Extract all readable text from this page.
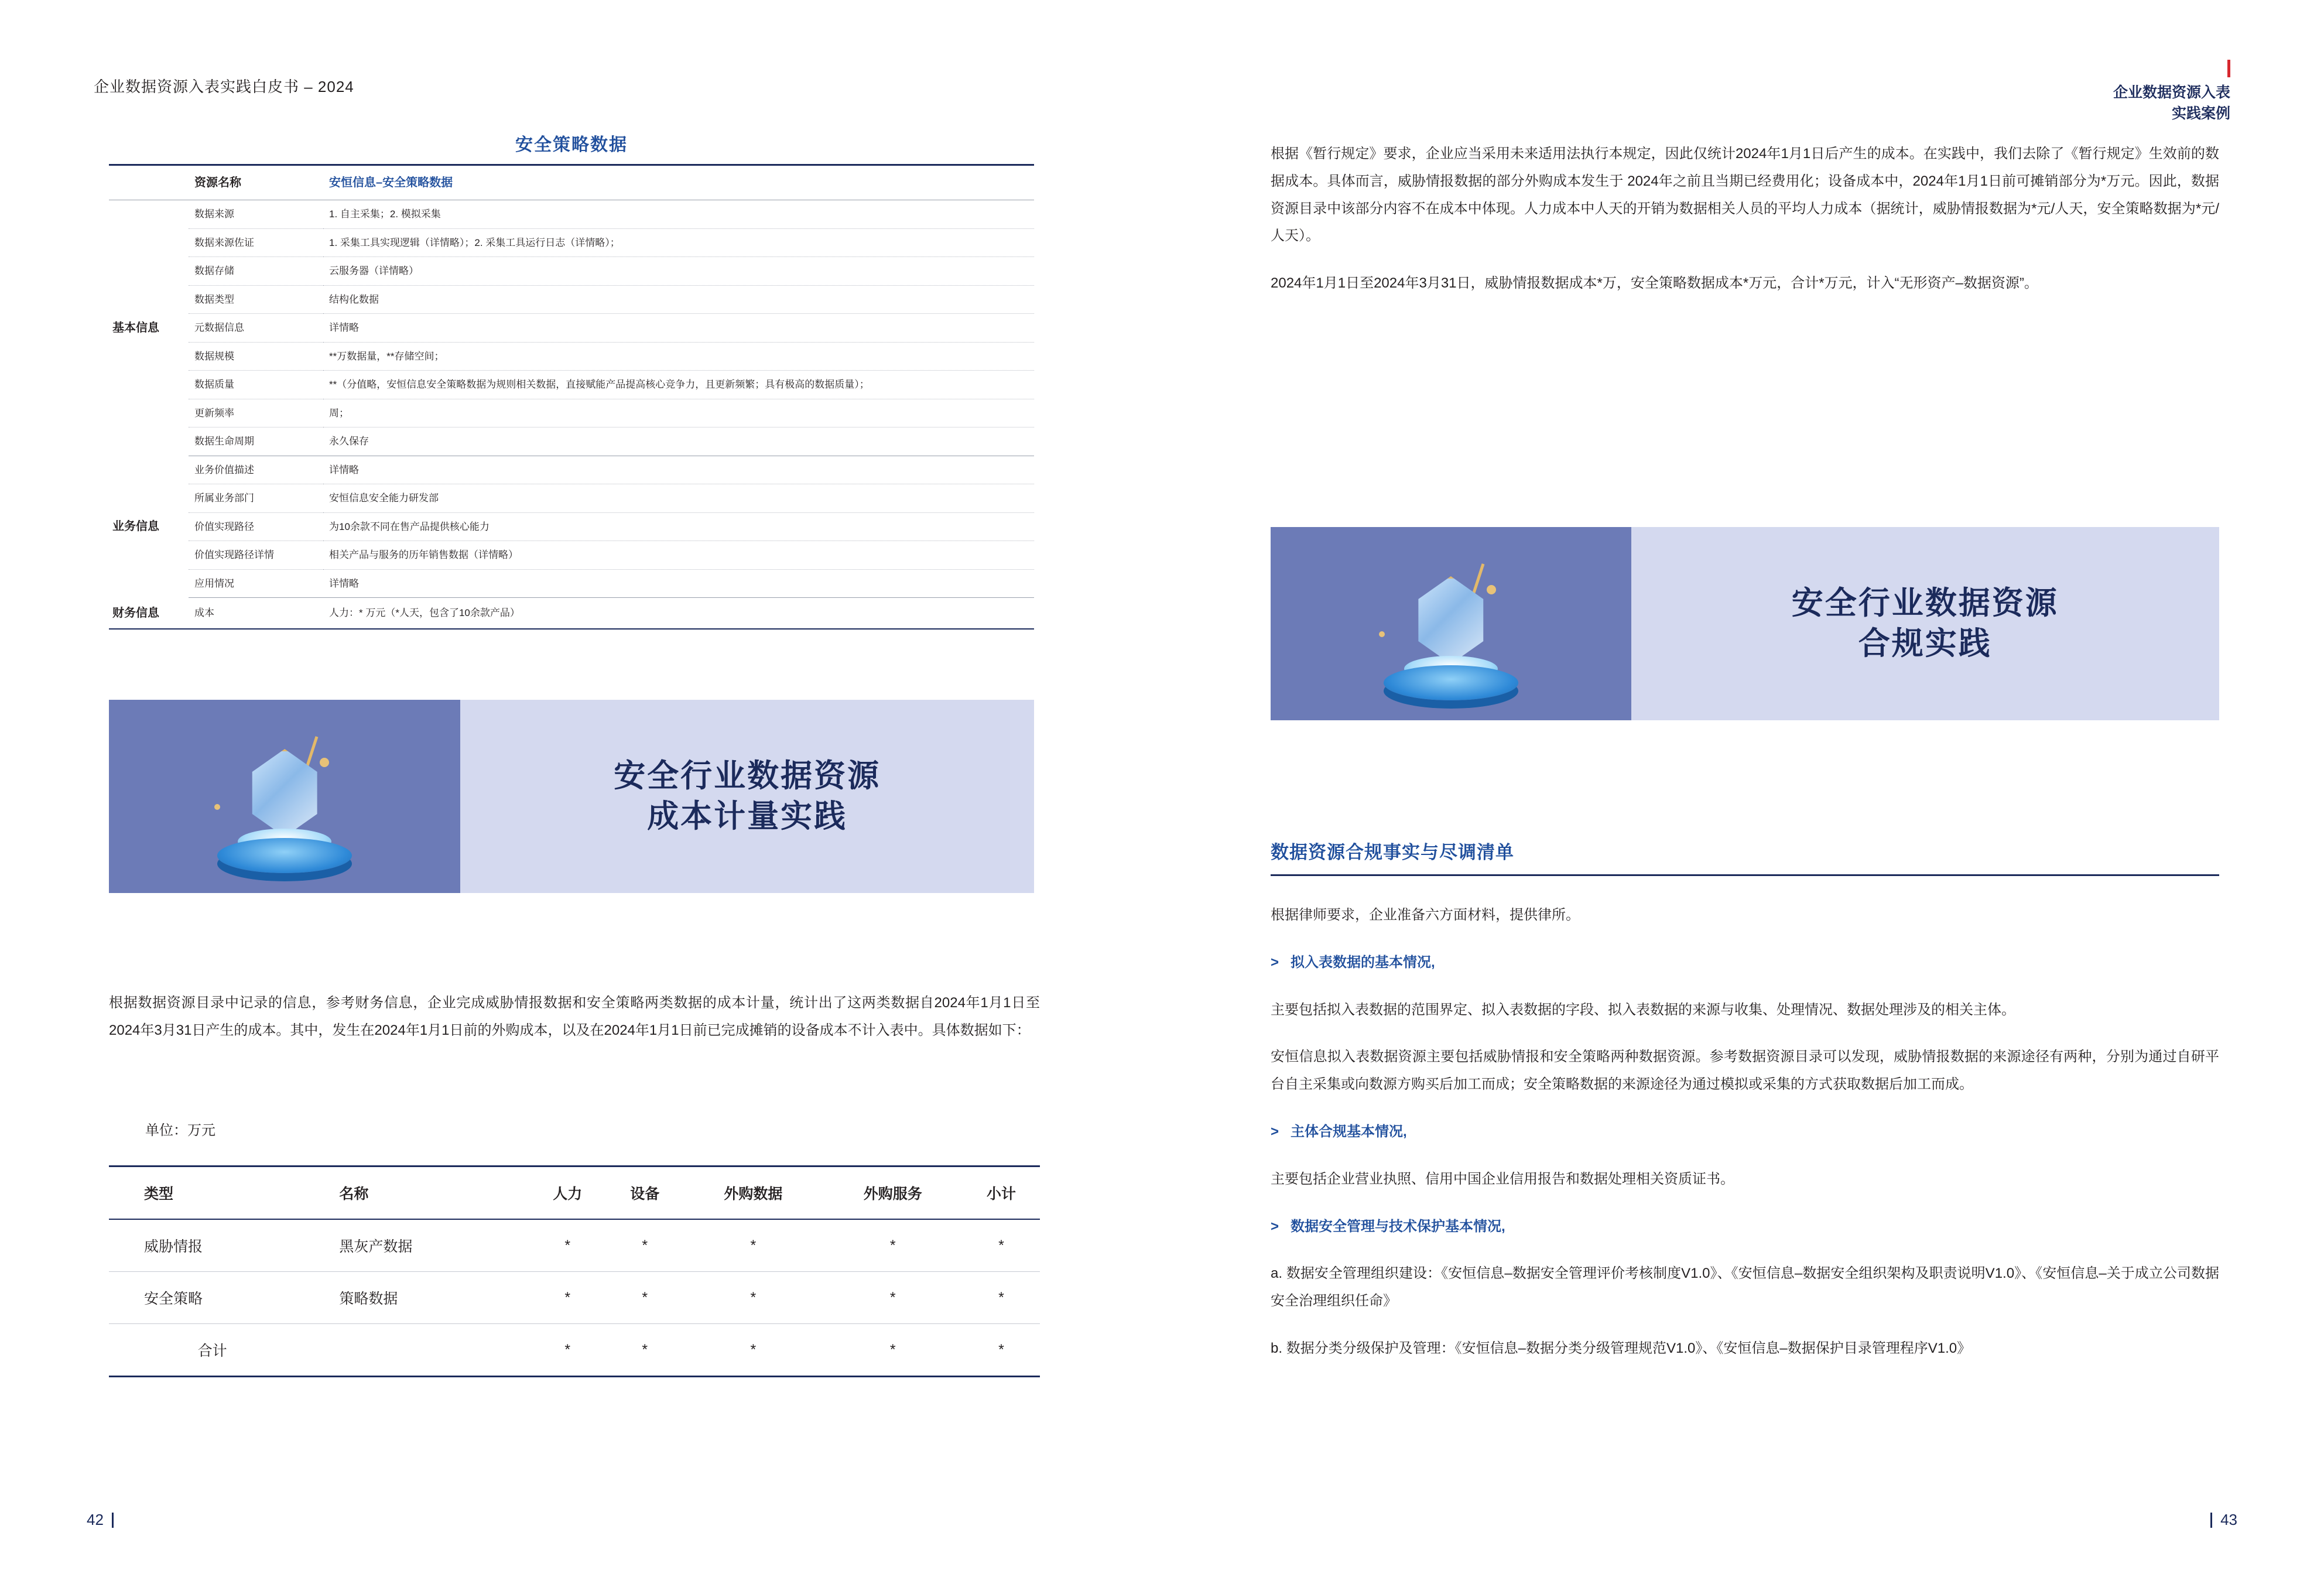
企业数据资源入表实践白皮书 – 2024
安全策略数据
	资源名称	安恒信息–安全策略数据
基本信息	数据来源	1. 自主采集；2. 模拟采集
	数据来源佐证	1. 采集工具实现逻辑（详情略）；2. 采集工具运行日志（详情略）；
	数据存储	云服务器（详情略）
	数据类型	结构化数据
	元数据信息	详情略
	数据规模	**万数据量，**存储空间；
	数据质量	**（分值略，安恒信息安全策略数据为规则相关数据，直接赋能产品提高核心竞争力，且更新频繁；具有极高的数据质量）；
	更新频率	周；
	数据生命周期	永久保存
业务信息	业务价值描述	详情略
	所属业务部门	安恒信息安全能力研发部
	价值实现路径	为10余款不同在售产品提供核心能力
	价值实现路径详情	相关产品与服务的历年销售数据（详情略）
	应用情况	详情略
财务信息	成本	人力：* 万元（*人天，包含了10余款产品）
安全行业数据资源
成本计量实践
根据数据资源目录中记录的信息，参考财务信息，企业完成威胁情报数据和安全策略两类数据的成本计量，统计出了这两类数据自2024年1月1日至2024年3月31日产生的成本。其中，发生在2024年1月1日前的外购成本，以及在2024年1月1日前已完成摊销的设备成本不计入表中。具体数据如下：
单位：万元
类型	名称	人力	设备	外购数据	外购服务	小计
威胁情报	黑灰产数据	*	*	*	*	*
安全策略	策略数据	*	*	*	*	*
合计		*	*	*	*	*
42
企业数据资源入表
实践案例
43

根据《暂行规定》要求，企业应当采用未来适用法执行本规定，因此仅统计2024年1月1日后产生的成本。在实践中，我们去除了《暂行规定》生效前的数据成本。具体而言，威胁情报数据的部分外购成本发生于 2024年之前且当期已经费用化；设备成本中，2024年1月1日前可摊销部分为*万元。因此，数据资源目录中该部分内容不在成本中体现。人力成本中人天的开销为数据相关人员的平均人力成本（据统计，威胁情报数据为*元/人天，安全策略数据为*元/人天）。

2024年1月1日至2024年3月31日，威胁情报数据成本*万，安全策略数据成本*万元，合计*万元，计入“无形资产–数据资源”。

安全行业数据资源
合规实践
数据资源合规事实与尽调清单

根据律师要求，企业准备六方面材料，提供律所。

> 拟入表数据的基本情况,

主要包括拟入表数据的范围界定、拟入表数据的字段、拟入表数据的来源与收集、处理情况、数据处理涉及的相关主体。

安恒信息拟入表数据资源主要包括威胁情报和安全策略两种数据资源。参考数据资源目录可以发现，威胁情报数据的来源途径有两种，分别为通过自研平台自主采集或向数源方购买后加工而成；安全策略数据的来源途径为通过模拟或采集的方式获取数据后加工而成。

> 主体合规基本情况,

主要包括企业营业执照、信用中国企业信用报告和数据处理相关资质证书。

> 数据安全管理与技术保护基本情况,

a. 数据安全管理组织建设：《安恒信息–数据安全管理评价考核制度V1.0》、《安恒信息–数据安全组织架构及职责说明V1.0》、《安恒信息–关于成立公司数据安全治理组织任命》

b. 数据分类分级保护及管理：《安恒信息–数据分类分级管理规范V1.0》、《安恒信息–数据保护目录管理程序V1.0》
